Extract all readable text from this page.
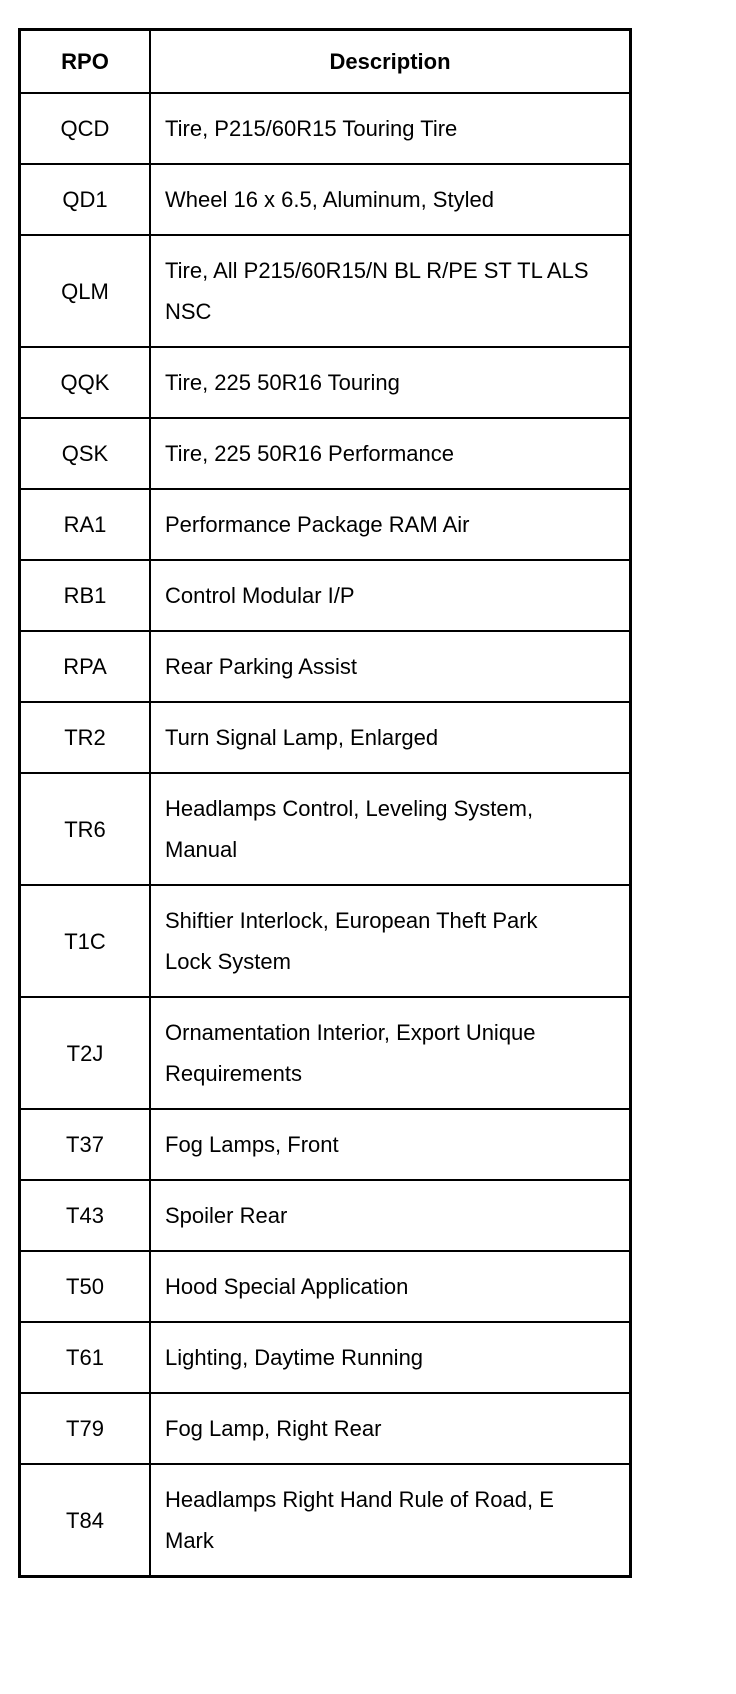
RPO	Description
QCD	Tire, P215/60R15 Touring Tire
QD1	Wheel 16 x 6.5, Aluminum, Styled
QLM	Tire, All P215/60R15/N BL R/PE ST TL ALS NSC
QQK	Tire, 225 50R16 Touring
QSK	Tire, 225 50R16 Performance
RA1	Performance Package RAM Air
RB1	Control Modular I/P
RPA	Rear Parking Assist
TR2	Turn Signal Lamp, Enlarged
TR6	Headlamps Control, Leveling System, Manual
T1C	Shiftier Interlock, European Theft Park Lock System
T2J	Ornamentation Interior, Export Unique Requirements
T37	Fog Lamps, Front
T43	Spoiler Rear
T50	Hood Special Application
T61	Lighting, Daytime Running
T79	Fog Lamp, Right Rear
T84	Headlamps Right Hand Rule of Road, E Mark
